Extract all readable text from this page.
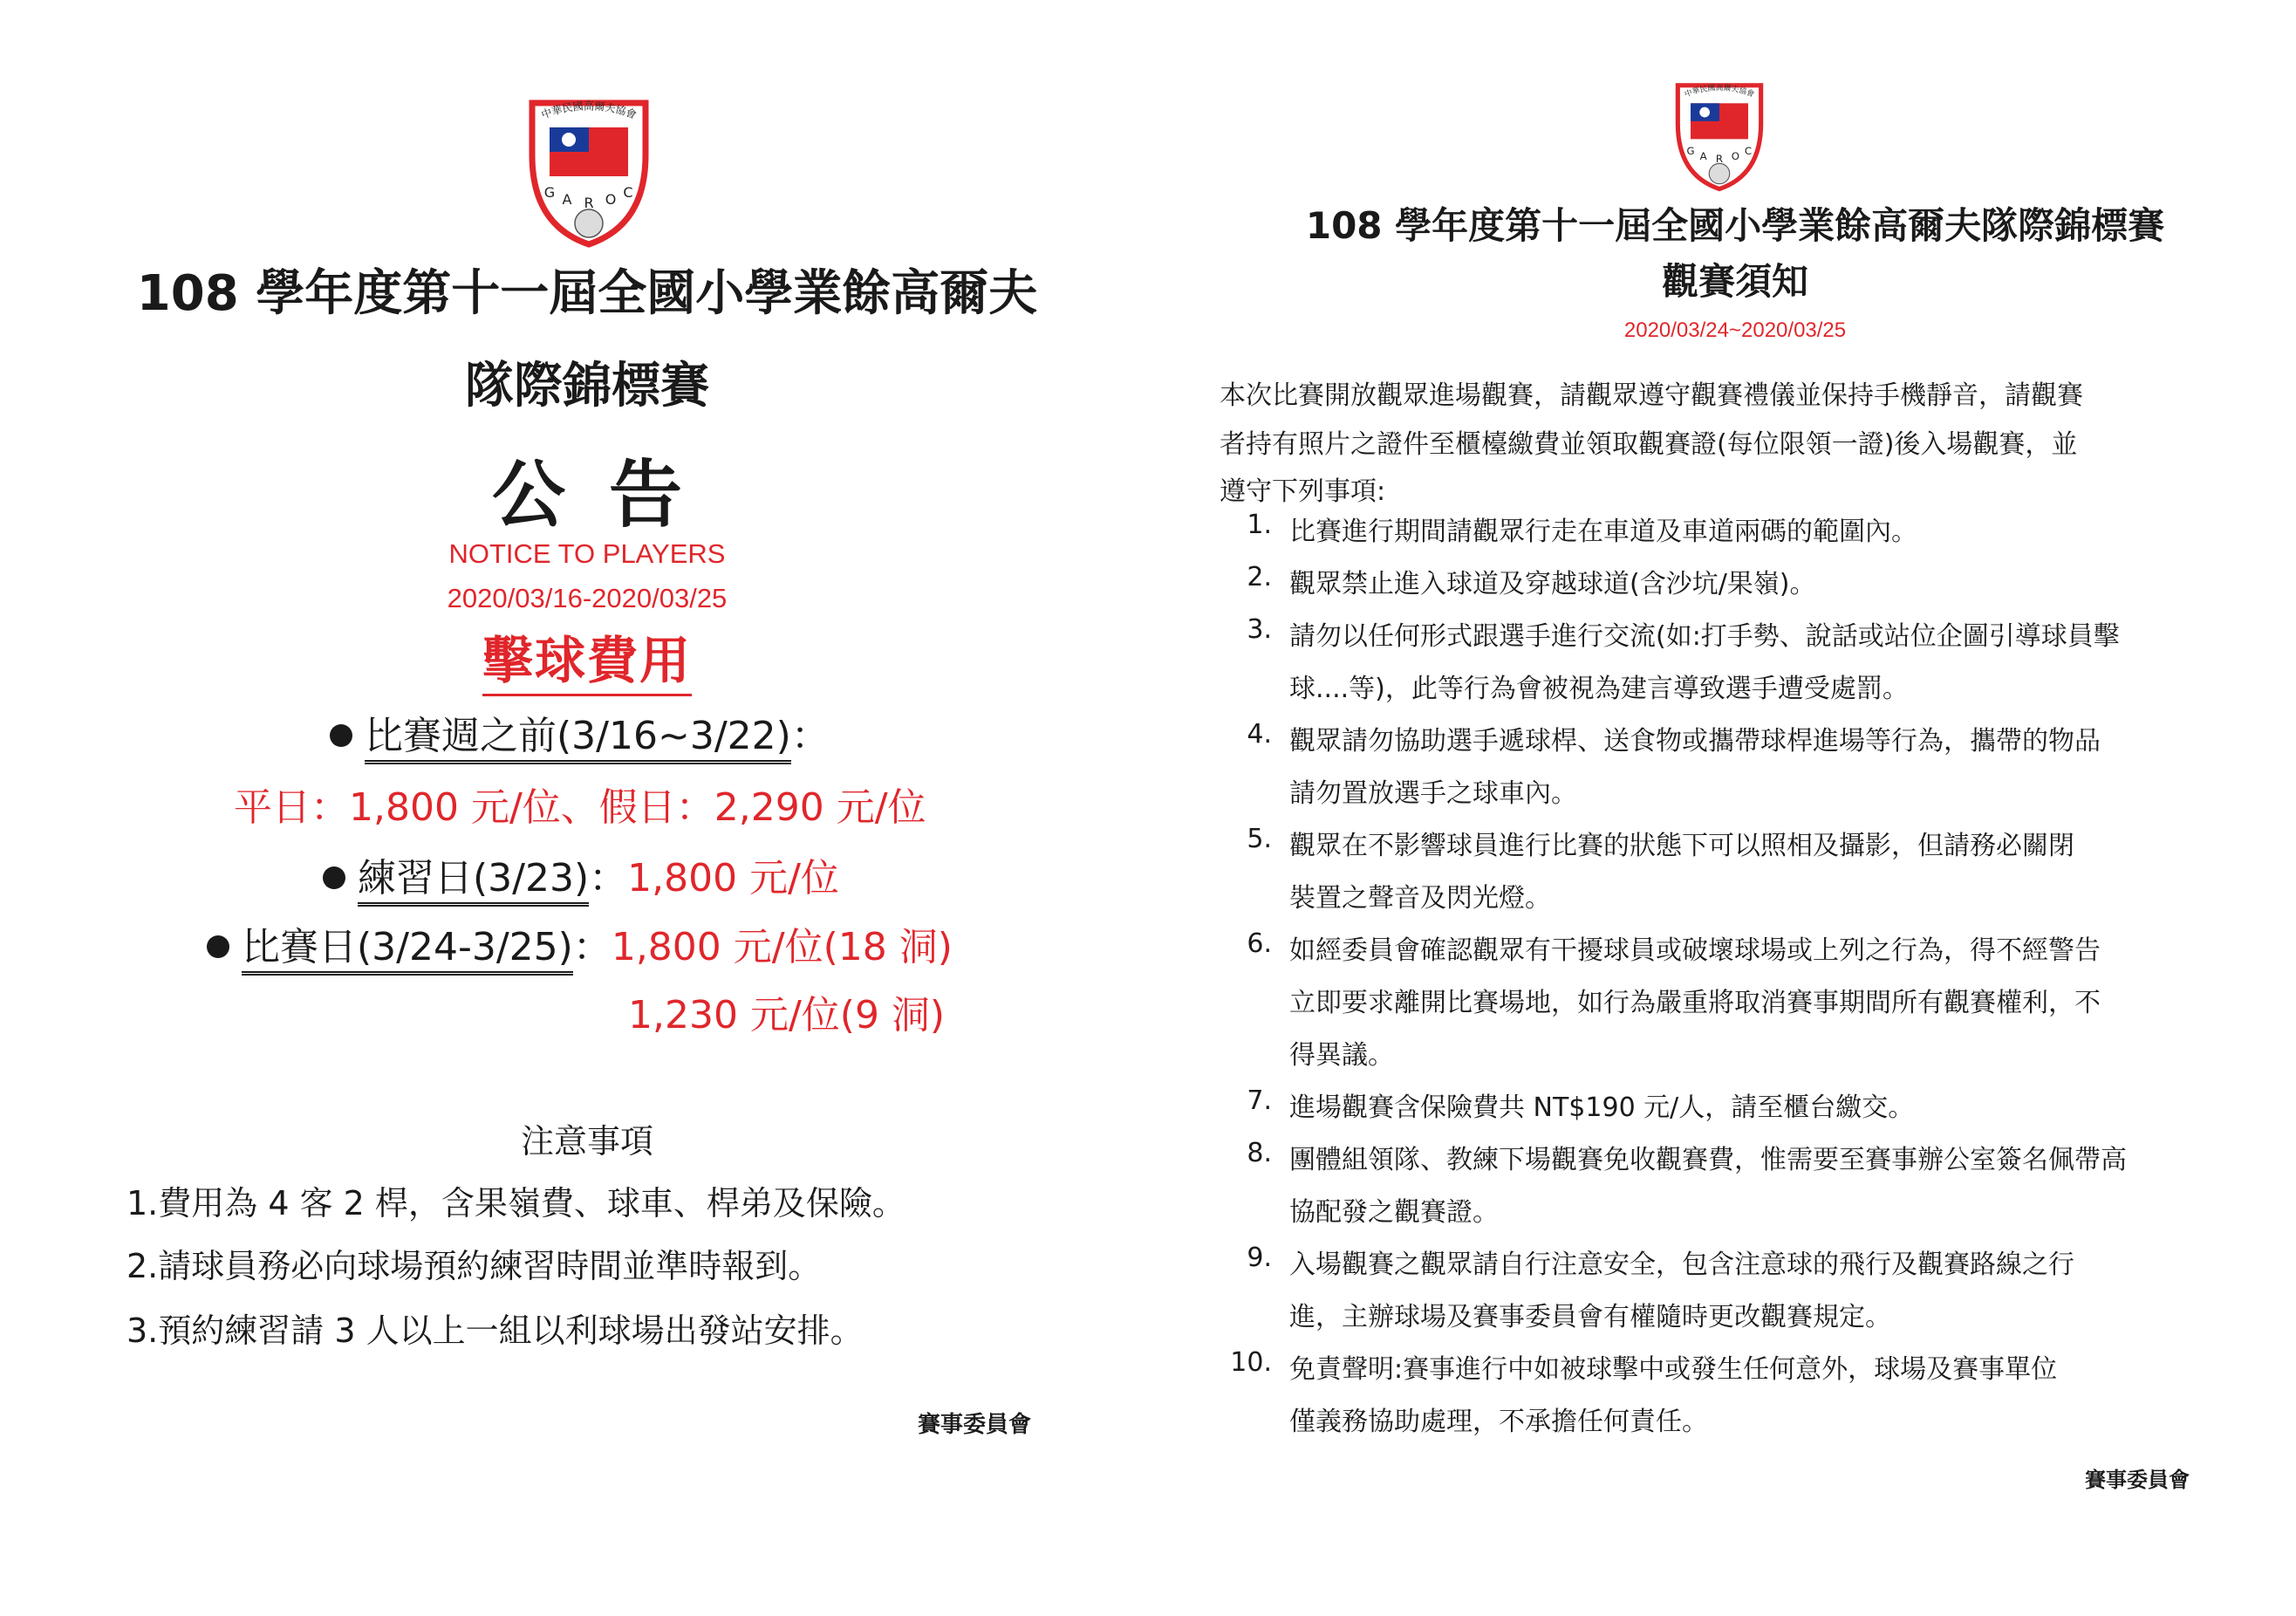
中華民國高爾夫協會
G A R O C
中華民國高爾夫協會
G A R O C
108 學年度第十一屆全國小學業餘高爾夫
隊際錦標賽
公告
NOTICE TO PLAYERS
2020/03/16-2020/03/25
擊球費用
比賽週之前(3/16~3/22)：
平日：1,800 元/位、假日：2,290 元/位
練習日(3/23)：1,800 元/位
比賽日(3/24-3/25)：1,800 元/位(18 洞)
1,230 元/位(9 洞)
注意事項
1.費用為 4 客 2 桿，含果嶺費、球車、桿弟及保險。
2.請球員務必向球場預約練習時間並準時報到。
3.預約練習請 3 人以上一組以利球場出發站安排。
賽事委員會
108 學年度第十一屆全國小學業餘高爾夫隊際錦標賽
觀賽須知
2020/03/24~2020/03/25
本次比賽開放觀眾進場觀賽，請觀眾遵守觀賽禮儀並保持手機靜音，請觀賽
者持有照片之證件至櫃檯繳費並領取觀賽證(每位限領一證)後入場觀賽，並
遵守下列事項:
1. 比賽進行期間請觀眾行走在車道及車道兩碼的範圍內。
2. 觀眾禁止進入球道及穿越球道(含沙坑/果嶺)。
3. 請勿以任何形式跟選手進行交流(如:打手勢、說話或站位企圖引導球員擊
球....等)，此等行為會被視為建言導致選手遭受處罰。
4. 觀眾請勿協助選手遞球桿、送食物或攜帶球桿進場等行為，攜帶的物品
請勿置放選手之球車內。
5. 觀眾在不影響球員進行比賽的狀態下可以照相及攝影，但請務必關閉
裝置之聲音及閃光燈。
6. 如經委員會確認觀眾有干擾球員或破壞球場或上列之行為，得不經警告
立即要求離開比賽場地，如行為嚴重將取消賽事期間所有觀賽權利，不
得異議。
7. 進場觀賽含保險費共 NT$190 元/人，請至櫃台繳交。
8. 團體組領隊、教練下場觀賽免收觀賽費，惟需要至賽事辦公室簽名佩帶高
協配發之觀賽證。
9. 入場觀賽之觀眾請自行注意安全，包含注意球的飛行及觀賽路線之行
進，主辦球場及賽事委員會有權隨時更改觀賽規定。
10. 免責聲明:賽事進行中如被球擊中或發生任何意外，球場及賽事單位
僅義務協助處理，不承擔任何責任。
賽事委員會
